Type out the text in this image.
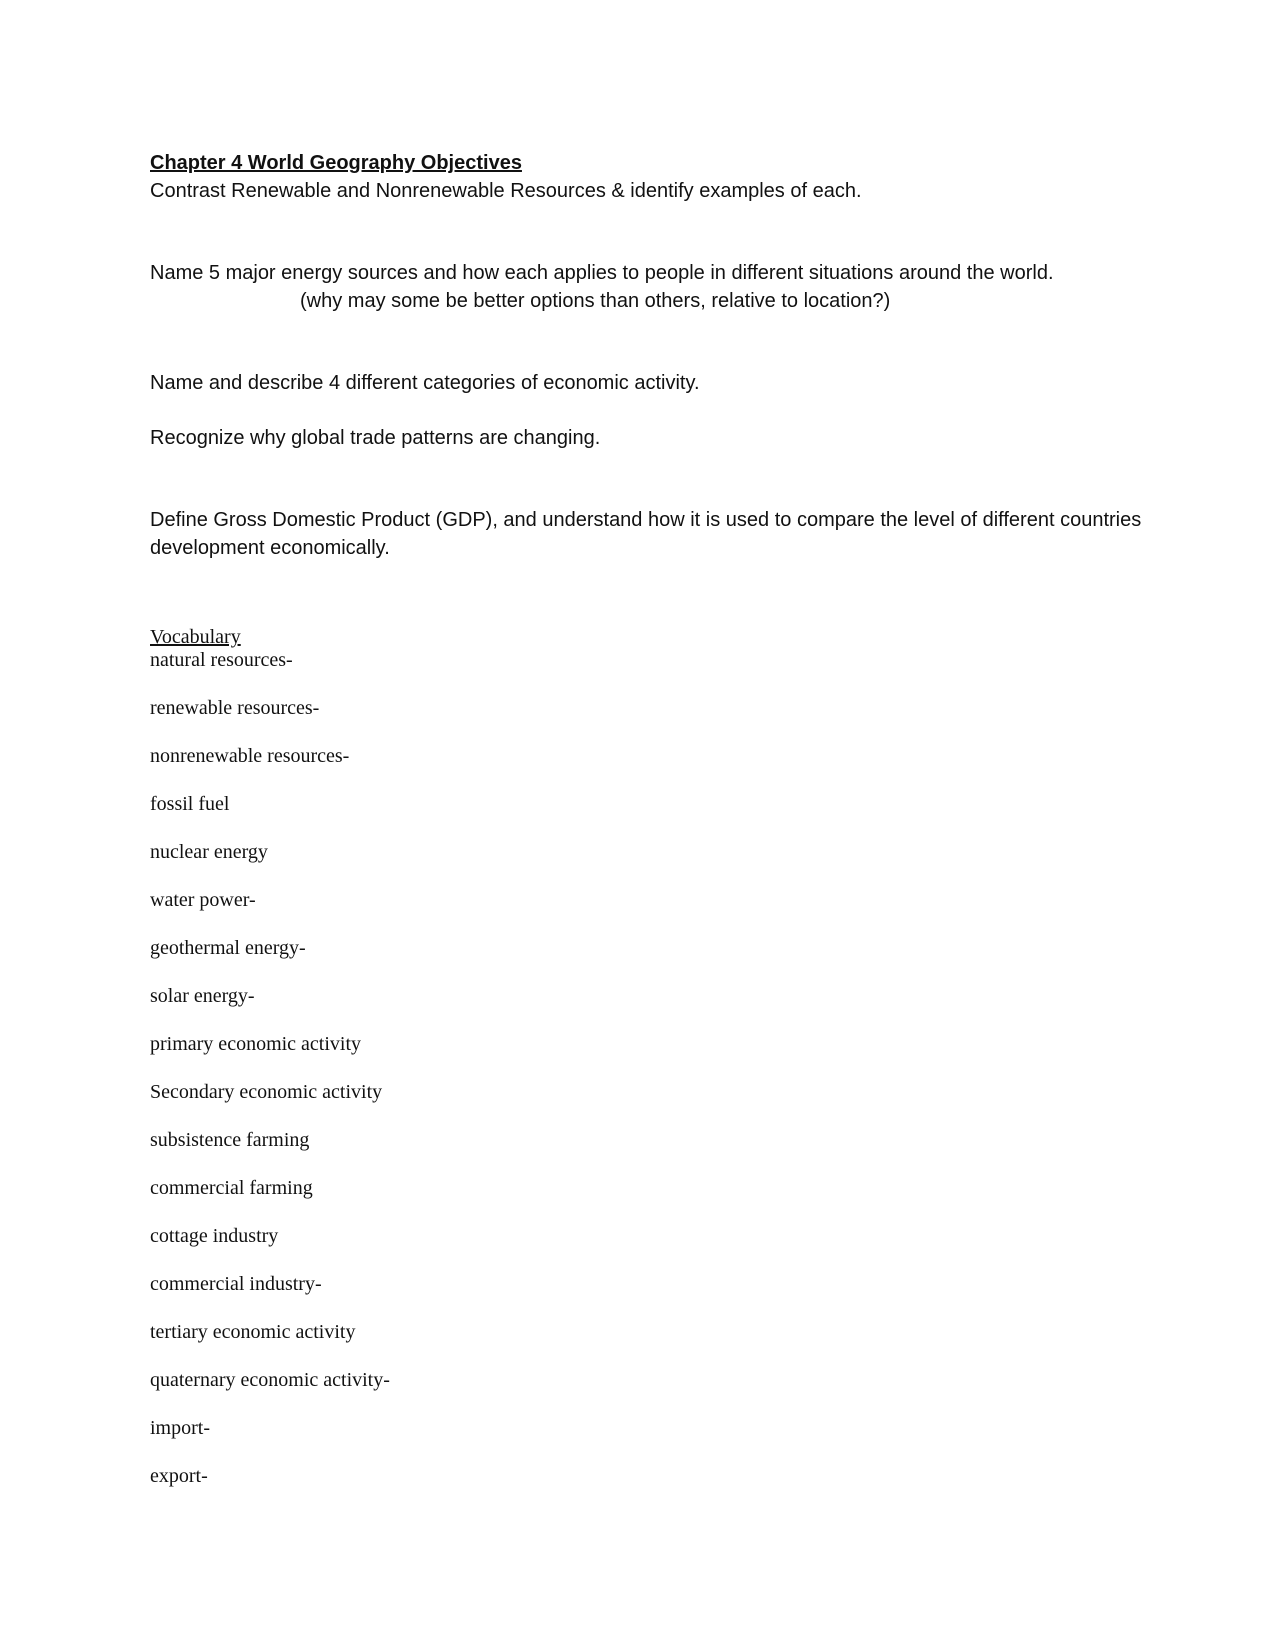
Chapter 4 World Geography Objectives

Contrast Renewable and Nonrenewable Resources & identify examples of each.

Name 5 major energy sources and how each applies to people in different situations around the world.

(why may some be better options than others, relative to location?)

Name and describe 4 different categories of economic activity.

Recognize why global trade patterns are changing.

Define Gross Domestic Product (GDP), and understand how it is used to compare the level of different countries development economically.

Vocabulary

natural resources-
renewable resources-
nonrenewable resources-
fossil fuel
nuclear energy
water power-
geothermal energy-
solar energy-
primary economic activity
Secondary economic activity
subsistence farming
commercial farming
cottage industry
commercial industry-
tertiary economic activity
quaternary economic activity-
import-
export-
